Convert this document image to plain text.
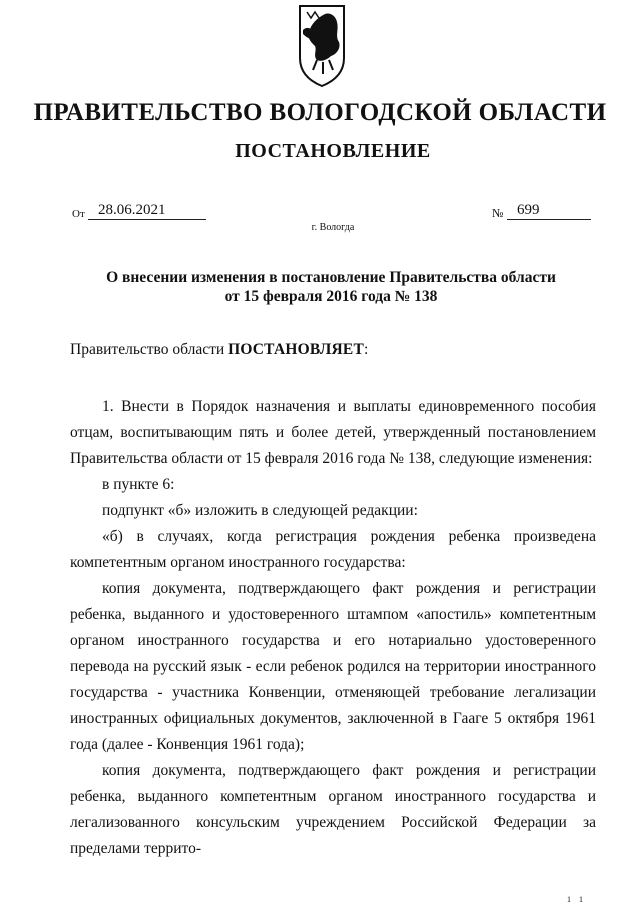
ПРАВИТЕЛЬСТВО ВОЛОГОДСКОЙ ОБЛАСТИ
ПОСТАНОВЛЕНИЕ
От 28.06.2021	№ 699
г. Вологда
О внесении изменения в постановление Правительства области
от 15 февраля 2016 года № 138

Правительство области ПОСТАНОВЛЯЕТ:

1. Внести в Порядок назначения и выплаты единовременного пособия отцам, воспитывающим пять и более детей, утвержденный постановлением Правительства области от 15 февраля 2016 года № 138, следующие изменения:

в пункте 6:

подпункт «б» изложить в следующей редакции:

«б) в случаях, когда регистрация рождения ребенка произведена компетентным органом иностранного государства:

копия документа, подтверждающего факт рождения и регистрации ребенка, выданного и удостоверенного штампом «апостиль» компетентным органом иностранного государства и его нотариально удостоверенного перевода на русский язык - если ребенок родился на территории иностранного государства - участника Конвенции, отменяющей требование легализации иностранных официальных документов, заключенной в Гааге 5 октября 1961 года (далее - Конвенция 1961 года);

копия документа, подтверждающего факт рождения и регистрации ребенка, выданного компетентным органом иностранного государства и легализованного консульским учреждением Российской Федерации за пределами террито-

1 1
